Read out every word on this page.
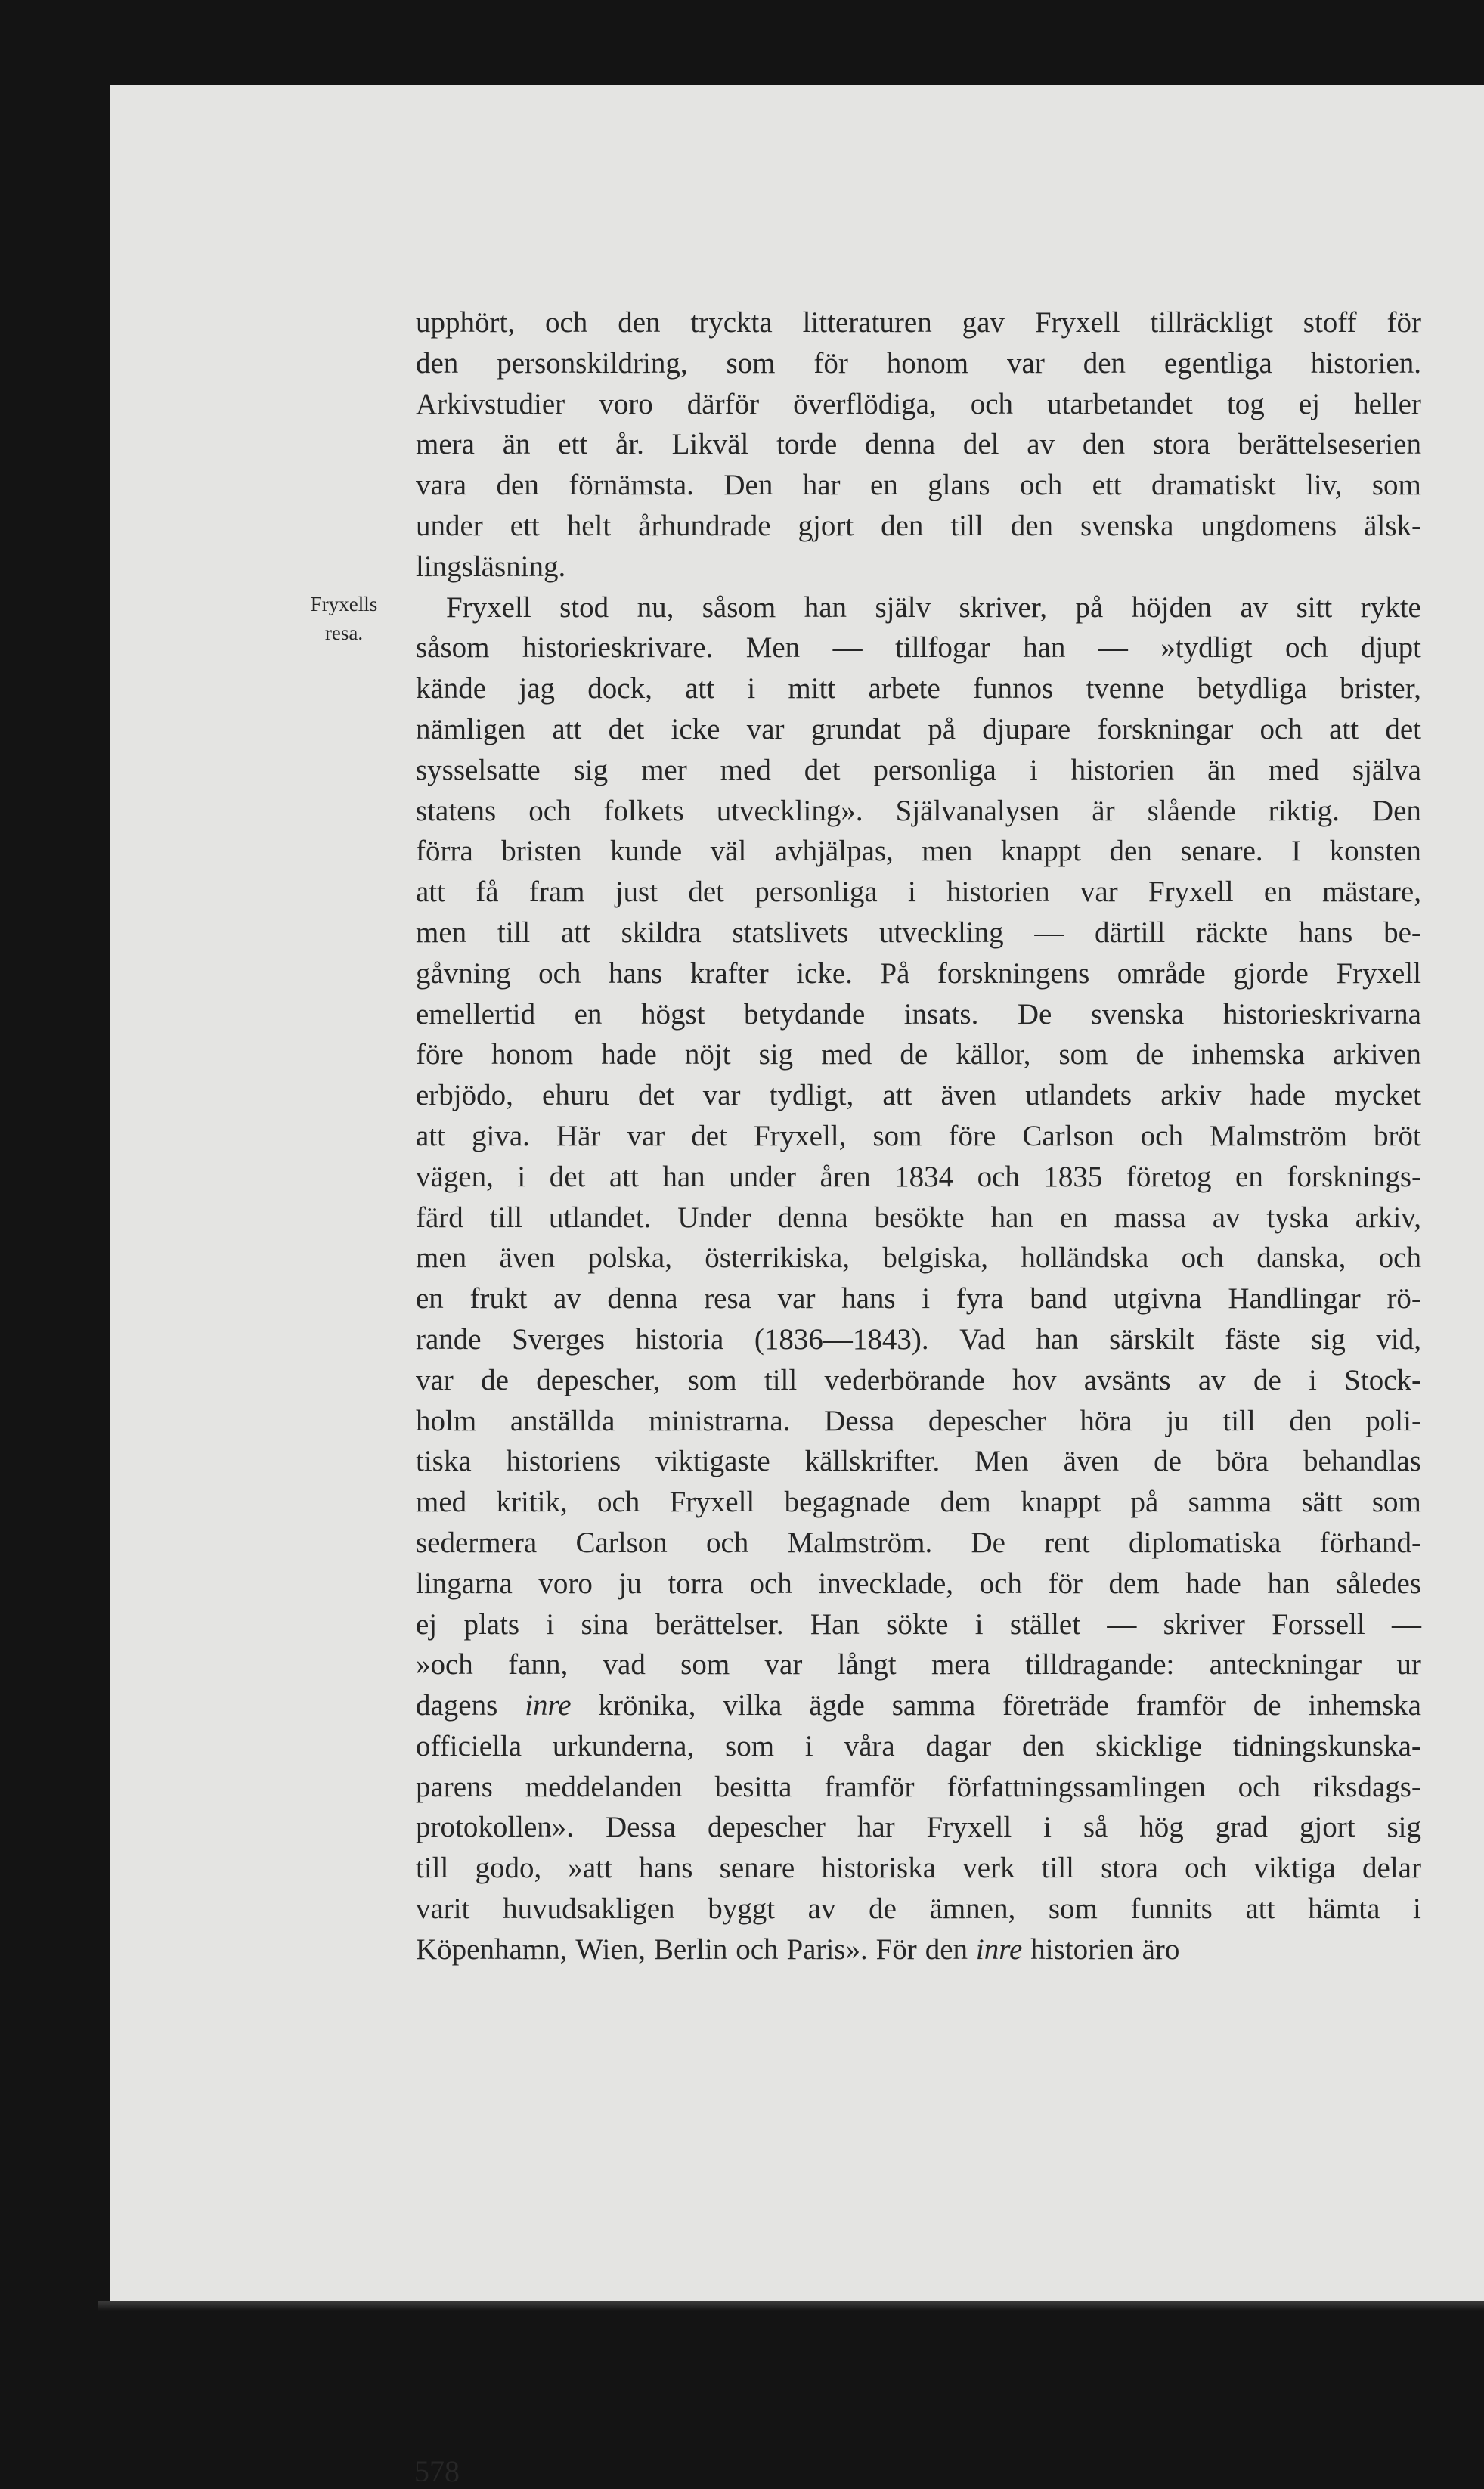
Fryxells
resa.
upphört, och den tryckta litteraturen gav Fryxell tillräckligt stoff för
den personskildring, som för honom var den egentliga historien.
Arkivstudier voro därför överflödiga, och utarbetandet tog ej heller
mera än ett år. Likväl torde denna del av den stora berättelseserien
vara den förnämsta. Den har en glans och ett dramatiskt liv, som
under ett helt århundrade gjort den till den svenska ungdomens älsk-
lingsläsning.
Fryxell stod nu, såsom han själv skriver, på höjden av sitt rykte
såsom historieskrivare. Men — tillfogar han — »tydligt och djupt
kände jag dock, att i mitt arbete funnos tvenne betydliga brister,
nämligen att det icke var grundat på djupare forskningar och att det
sysselsatte sig mer med det personliga i historien än med själva
statens och folkets utveckling». Självanalysen är slående riktig. Den
förra bristen kunde väl avhjälpas, men knappt den senare. I konsten
att få fram just det personliga i historien var Fryxell en mästare,
men till att skildra statslivets utveckling — därtill räckte hans be-
gåvning och hans krafter icke. På forskningens område gjorde Fryxell
emellertid en högst betydande insats. De svenska historieskrivarna
före honom hade nöjt sig med de källor, som de inhemska arkiven
erbjödo, ehuru det var tydligt, att även utlandets arkiv hade mycket
att giva. Här var det Fryxell, som före Carlson och Malmström bröt
vägen, i det att han under åren 1834 och 1835 företog en forsknings-
färd till utlandet. Under denna besökte han en massa av tyska arkiv,
men även polska, österrikiska, belgiska, holländska och danska, och
en frukt av denna resa var hans i fyra band utgivna Handlingar rö-
rande Sverges historia (1836—1843). Vad han särskilt fäste sig vid,
var de depescher, som till vederbörande hov avsänts av de i Stock-
holm anställda ministrarna. Dessa depescher höra ju till den poli-
tiska historiens viktigaste källskrifter. Men även de böra behandlas
med kritik, och Fryxell begagnade dem knappt på samma sätt som
sedermera Carlson och Malmström. De rent diplomatiska förhand-
lingarna voro ju torra och invecklade, och för dem hade han således
ej plats i sina berättelser. Han sökte i stället — skriver Forssell —
»och fann, vad som var långt mera tilldragande: anteckningar ur
dagens inre krönika, vilka ägde samma företräde framför de inhemska
officiella urkunderna, som i våra dagar den skicklige tidningskunska-
parens meddelanden besitta framför författningssamlingen och riksdags-
protokollen». Dessa depescher har Fryxell i så hög grad gjort sig
till godo, »att hans senare historiska verk till stora och viktiga delar
varit huvudsakligen byggt av de ämnen, som funnits att hämta i
Köpenhamn, Wien, Berlin och Paris». För den inre historien äro
578
